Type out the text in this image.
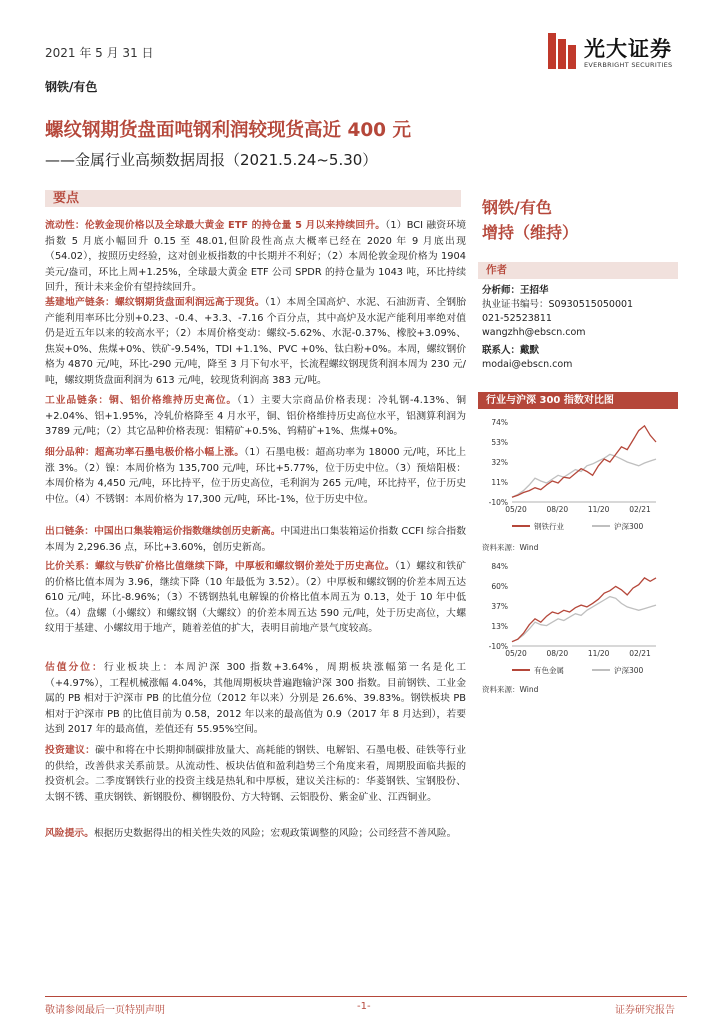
2021 年 5 月 31 日	光大证券
EVERBRIGHT SECURITIES
钢铁/有色
螺纹钢期货盘面吨钢利润较现货高近 400 元
——金属行业高频数据周报（2021.5.24~5.30）
要点

流动性：伦敦金现价格以及全球最大黄金 ETF 的持仓量 5 月以来持续回升。（1）BCI 融资环境指数 5 月底小幅回升 0.15 至 48.01,但阶段性高点大概率已经在 2020 年 9 月底出现（54.02），按照历史经验，这对创业板指数的中长期并不利好；（2）本周伦敦金现价格为 1904 美元/盎司，环比上周+1.25%，全球最大黄金 ETF 公司 SPDR 的持仓量为 1043 吨，环比持续回升，预计未来金价有望持续回升。

基建地产链条：螺纹钢期货盘面利润远高于现货。（1）本周全国高炉、水泥、石油沥青、全钢胎产能利用率环比分别+0.23、-0.4、+3.3、-7.16 个百分点，其中高炉及水泥产能利用率绝对值仍是近五年以来的较高水平；（2）本周价格变动：螺纹-5.62%、水泥-0.37%、橡胶+3.09%、焦炭+0%、焦煤+0%、铁矿-9.54%，TDI +1.1%、PVC +0%、钛白粉+0%。本周，螺纹钢价格为 4870 元/吨，环比-290 元/吨，降至 3 月下旬水平，长流程螺纹钢现货利润本周为 230 元/吨，螺纹期货盘面利润为 613 元/吨，较现货利润高 383 元/吨。

工业品链条：铜、铝价格维持历史高位。（1）主要大宗商品价格表现：冷轧钢-4.13%、铜+2.04%、铝+1.95%，冷轧价格降至 4 月水平，铜、铝价格维持历史高位水平，铝测算利润为 3789 元/吨；（2）其它品种价格表现：钼精矿+0.5%、钨精矿+1%、焦煤+0%。

细分品种：超高功率石墨电极价格小幅上涨。（1）石墨电极：超高功率为 18000 元/吨，环比上涨 3%。（2）镍：本周价格为 135,700 元/吨，环比+5.77%，位于历史中位。（3）预焙阳极：本周价格为 4,450 元/吨，环比持平，位于历史高位，毛利润为 265 元/吨，环比持平，位于历史中位。（4）不锈钢：本周价格为 17,300 元/吨，环比-1%，位于历史中位。

出口链条：中国出口集装箱运价指数继续创历史新高。中国进出口集装箱运价指数 CCFI 综合指数本周为 2,296.36 点，环比+3.60%，创历史新高。

比价关系：螺纹与铁矿价格比值继续下降，中厚板和螺纹钢价差处于历史高位。（1）螺纹和铁矿的价格比值本周为 3.96，继续下降（10 年最低为 3.52）。（2）中厚板和螺纹钢的价差本周五达 610 元/吨，环比-8.96%；（3）不锈钢热轧电解镍的价格比值本周五为 0.13，处于 10 年中低位。（4）盘螺（小螺纹）和螺纹钢（大螺纹）的价差本周五达 590 元/吨，处于历史高位，大螺纹用于基建、小螺纹用于地产，随着差值的扩大，表明目前地产景气度较高。

估值分位：行业板块上：本周沪深 300 指数+3.64%，周期板块涨幅第一名是化工（+4.97%），工程机械涨幅 4.04%，其他周期板块普遍跑输沪深 300 指数。目前钢铁、工业金属的 PB 相对于沪深市 PB 的比值分位（2012 年以来）分别是 26.6%、39.83%。钢铁板块 PB 相对于沪深市 PB 的比值目前为 0.58，2012 年以来的最高值为 0.9（2017 年 8 月达到），若要达到 2017 年的最高值，差值还有 55.95%空间。

投资建议：碳中和将在中长期抑制碳排放量大、高耗能的钢铁、电解铝、石墨电极、硅铁等行业的供给，改善供求关系前景。从流动性、板块估值和盈利趋势三个角度来看，周期股面临共振的投资机会。二季度钢铁行业的投资主线是热轧和中厚板，建议关注标的：华菱钢铁、宝钢股份、太钢不锈、重庆钢铁、新钢股份、柳钢股份、方大特钢、云铝股份、紫金矿业、江西铜业。

风险提示。根据历史数据得出的相关性失效的风险；宏观政策调整的风险；公司经营不善风险。

钢铁/有色
增持（维持）
作者
分析师：王招华
执业证书编号：S0930515050001
021-52523811
wangzhh@ebscn.com
联系人：戴默
modai@ebscn.com
行业与沪深 300 指数对比图
74%
53%
32%
11%
-10%
05/20	08/20	11/20	02/21
钢铁行业	沪深300
资料来源：Wind
84%
60%
37%
13%
-10%
05/20	08/20	11/20	02/21
有色金属	沪深300
资料来源：Wind
敬请参阅最后一页特别声明	-1-	证券研究报告
